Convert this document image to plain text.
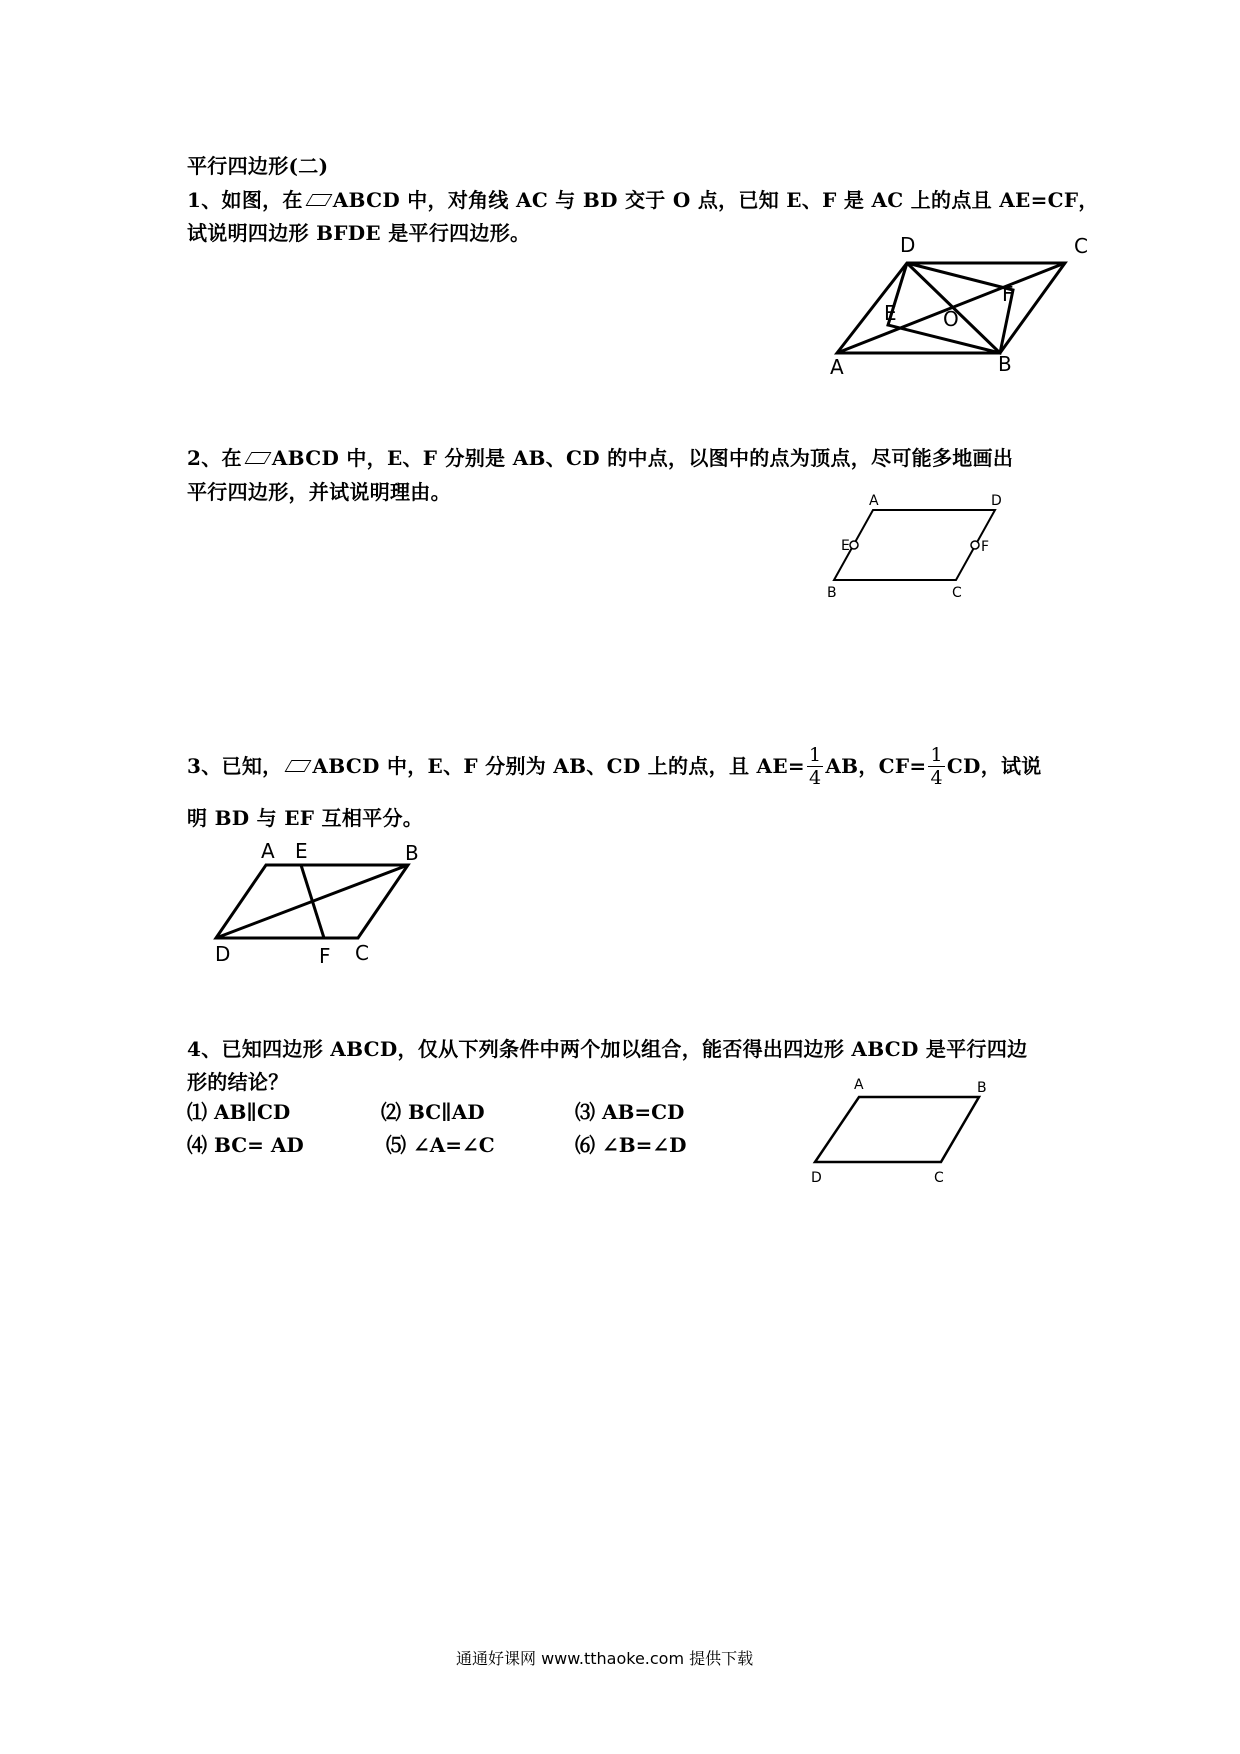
平行四边形(二)
1、如图，在 ABCD 中，对角线 AC 与 BD 交于 O 点，已知 E、F 是 AC 上的点且 AE=CF，
试说明四边形 BFDE 是平行四边形。
A	B
C
D
E
F
O
2、在 ABCD 中，E、F 分别是 AB、CD 的中点，以图中的点为顶点，尽可能多地画出
平行四边形，并试说明理由。	A	D
E	F
B	C
3、已知， ABCD 中，E、F 分别为 AB、CD 上的点，且 $AE= \frac{1}{4}$ AB，$CF= \frac{1}{4}$ CD，试说
明 BD 与 EF 互相平分。
A E	B
D	F C
4、已知四边形 ABCD，仅从下列条件中两个加以组合，能否得出四边形 ABCD 是平行四边
形的结论？
⑴ AB∥CD	⑵ BC∥AD	⑶ AB=CD
⑷ BC= AD	⑸ ∠A=∠C	⑹ ∠B=∠D
A	B
D	C
通通好课网 www.tthaoke.com 提供下载
